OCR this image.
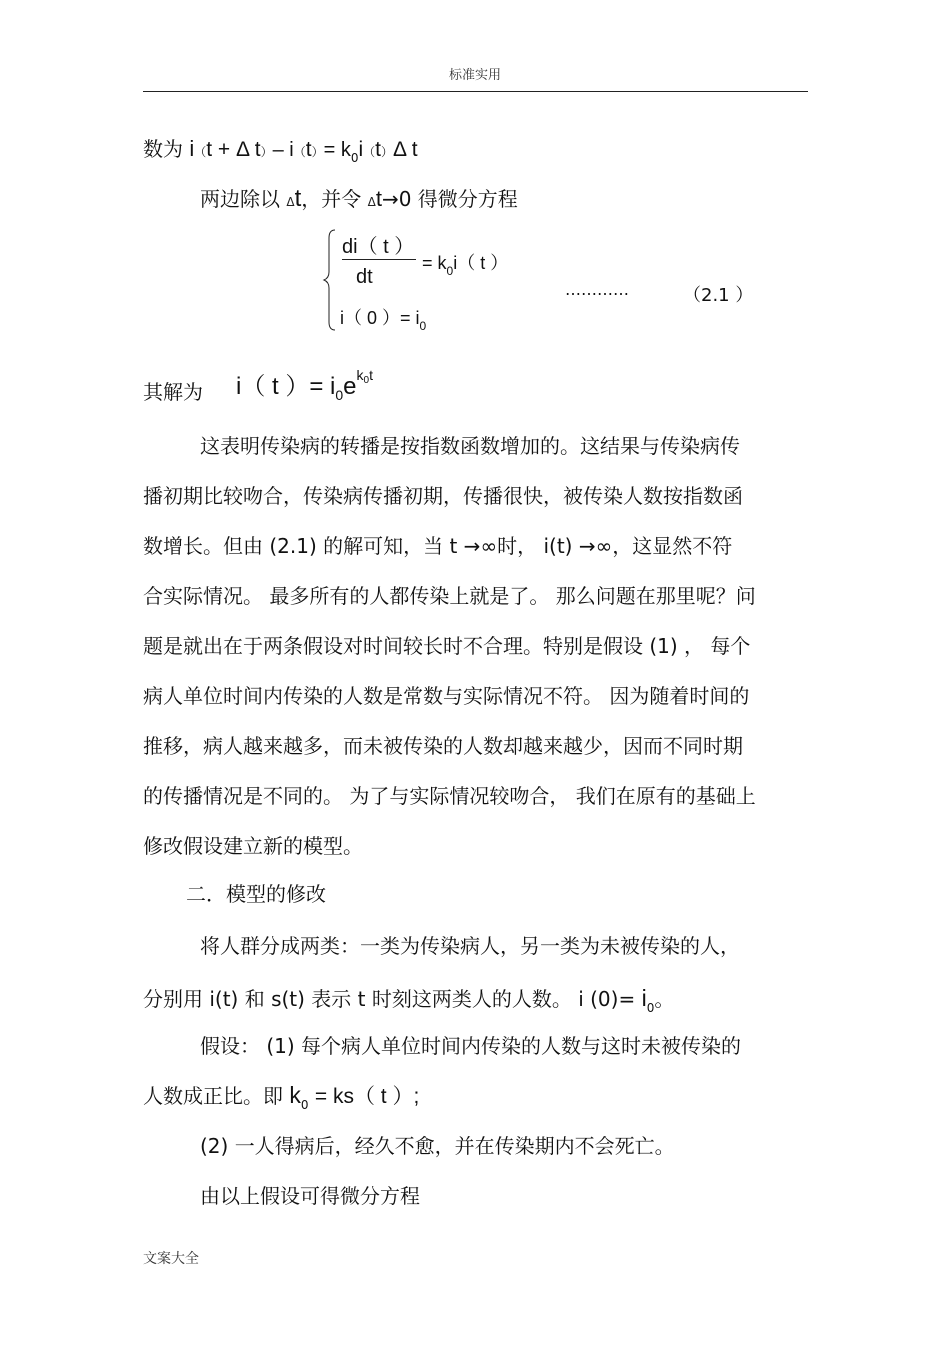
标准实用
数为 i（t + Δ t）– $i(t)= k_0i(t)\Delta$ t
两边除以 Δt，并令 Δt→0 得微分方程
di（ t ）
dt
= $k_0i$（ t ）
i（ 0 ）= $i_0$
…………	（2.1 ）
其解为 i（ t ）= $i_0e^{k_0t}$
这表明传染病的转播是按指数函数增加的。这结果与传染病传
播初期比较吻合，传染病传播初期，传播很快，被传染人数按指数函
数增长。但由 (2.1) 的解可知，当 t →∞时， i(t) →∞，这显然不符
合实际情况。 最多所有的人都传染上就是了。 那么问题在那里呢？问
题是就出在于两条假设对时间较长时不合理。特别是假设 (1) ， 每个
病人单位时间内传染的人数是常数与实际情况不符。 因为随着时间的
推移，病人越来越多，而未被传染的人数却越来越少，因而不同时期
的传播情况是不同的。 为了与实际情况较吻合， 我们在原有的基础上
修改假设建立新的模型。
二．模型的修改
将人群分成两类：一类为传染病人，另一类为未被传染的人，
分别用 i(t) 和 s(t) 表示 t 时刻这两类人的人数。 i $(0)= i_0$。
假设： (1) 每个病人单位时间内传染的人数与这时未被传染的
人数成正比。即 $k_0 = ks$（ t ）;
(2) 一人得病后，经久不愈，并在传染期内不会死亡。
由以上假设可得微分方程
文案大全
